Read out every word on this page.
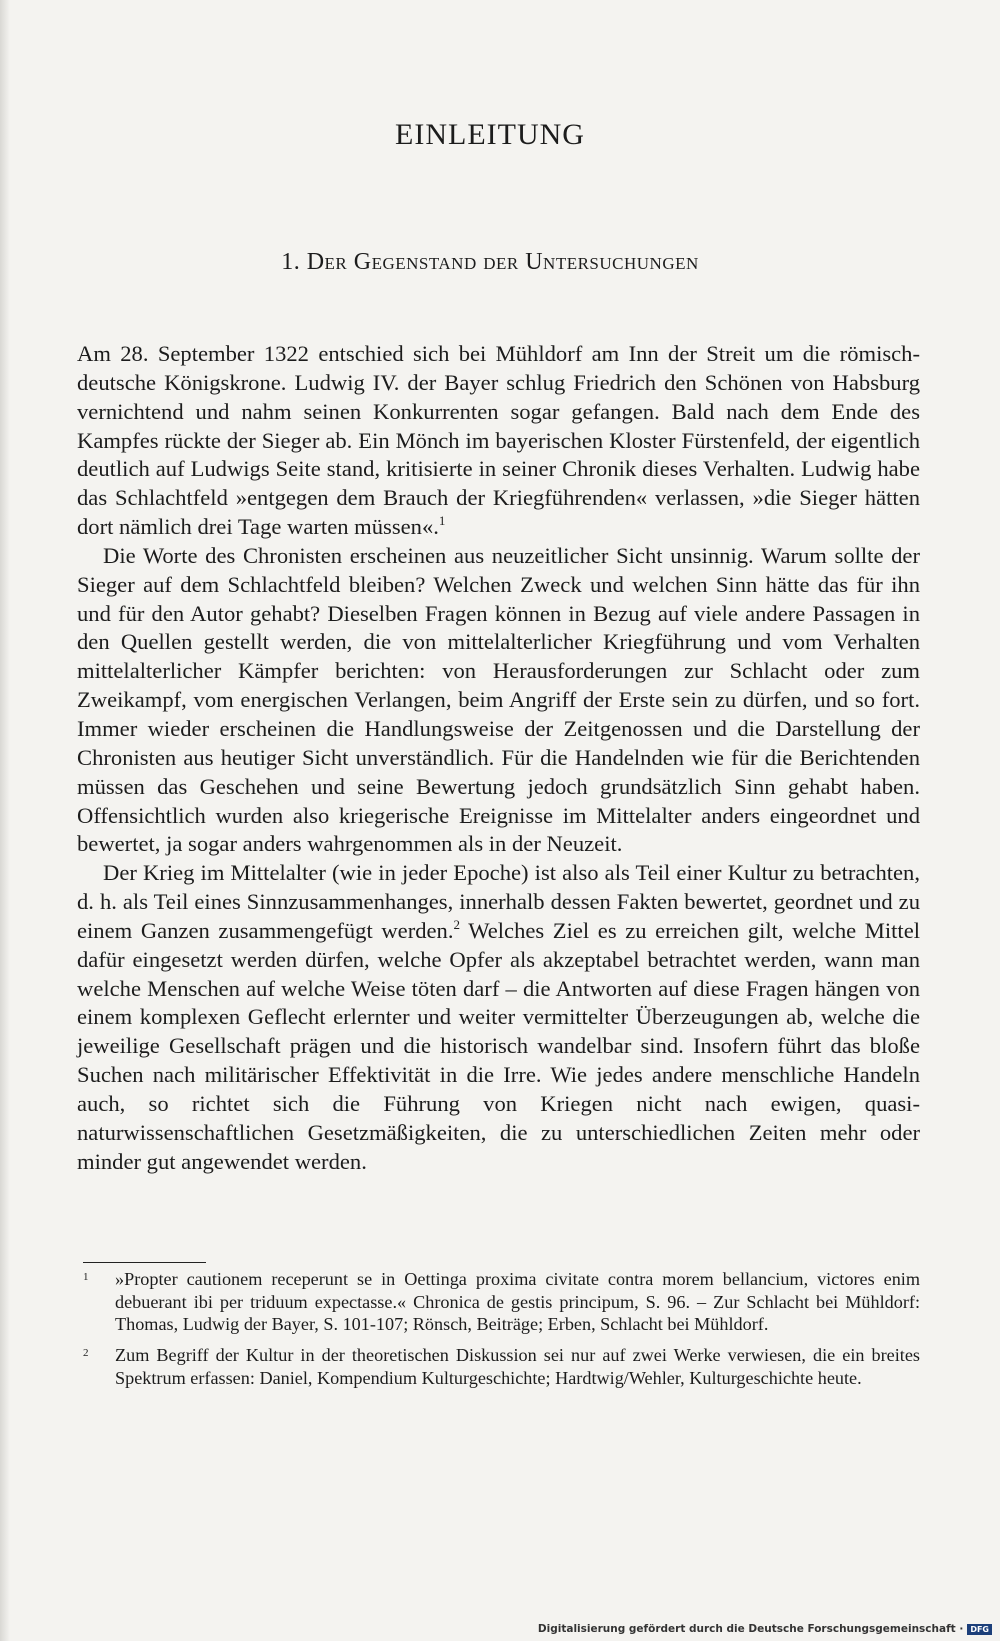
EINLEITUNG
1. Der Gegenstand der Untersuchungen

Am 28. September 1322 entschied sich bei Mühldorf am Inn der Streit um die römisch-deutsche Königskrone. Ludwig IV. der Bayer schlug Friedrich den Schönen von Habsburg vernichtend und nahm seinen Konkurrenten sogar gefangen. Bald nach dem Ende des Kampfes rückte der Sieger ab. Ein Mönch im bayerischen Kloster Fürstenfeld, der eigentlich deutlich auf Ludwigs Seite stand, kritisierte in seiner Chronik dieses Verhalten. Ludwig habe das Schlachtfeld »entgegen dem Brauch der Kriegführenden« verlassen, »die Sieger hätten dort nämlich drei Tage warten müssen«.$^1$

Die Worte des Chronisten erscheinen aus neuzeitlicher Sicht unsinnig. Warum sollte der Sieger auf dem Schlachtfeld bleiben? Welchen Zweck und welchen Sinn hätte das für ihn und für den Autor gehabt? Dieselben Fragen können in Bezug auf viele andere Passagen in den Quellen gestellt werden, die von mittelalterlicher Kriegführung und vom Verhalten mittelalterlicher Kämpfer berichten: von Herausforderungen zur Schlacht oder zum Zweikampf, vom energischen Verlangen, beim Angriff der Erste sein zu dürfen, und so fort. Immer wieder erscheinen die Handlungsweise der Zeitgenossen und die Darstellung der Chronisten aus heutiger Sicht unverständlich. Für die Handelnden wie für die Berichtenden müssen das Geschehen und seine Bewertung jedoch grundsätzlich Sinn gehabt haben. Offensichtlich wurden also kriegerische Ereignisse im Mittelalter anders eingeordnet und bewertet, ja sogar anders wahrgenommen als in der Neuzeit.

Der Krieg im Mittelalter (wie in jeder Epoche) ist also als Teil einer Kultur zu betrachten, d. h. als Teil eines Sinnzusammenhanges, innerhalb dessen Fakten bewertet, geordnet und zu einem Ganzen zusammengefügt werden.$^2$ Welches Ziel es zu erreichen gilt, welche Mittel dafür eingesetzt werden dürfen, welche Opfer als akzeptabel betrachtet werden, wann man welche Menschen auf welche Weise töten darf – die Antworten auf diese Fragen hängen von einem komplexen Geflecht erlernter und weiter vermittelter Überzeugungen ab, welche die jeweilige Gesellschaft prägen und die historisch wandelbar sind. Insofern führt das bloße Suchen nach militärischer Effektivität in die Irre. Wie jedes andere menschliche Handeln auch, so richtet sich die Führung von Kriegen nicht nach ewigen, quasi-naturwissenschaftlichen Gesetzmäßigkeiten, die zu unterschiedlichen Zeiten mehr oder minder gut angewendet werden.

1 »Propter cautionem receperunt se in Oettinga proxima civitate contra morem bellancium, victores enim debuerant ibi per triduum expectasse.« Chronica de gestis principum, S. 96. – Zur Schlacht bei Mühldorf: Thomas, Ludwig der Bayer, S. 101-107; Rönsch, Beiträge; Erben, Schlacht bei Mühldorf.

2 Zum Begriff der Kultur in der theoretischen Diskussion sei nur auf zwei Werke verwiesen, die ein breites Spektrum erfassen: Daniel, Kompendium Kulturgeschichte; Hardtwig/Wehler, Kulturgeschichte heute.

Digitalisierung gefördert durch die Deutsche Forschungsgemeinschaft · DFG
